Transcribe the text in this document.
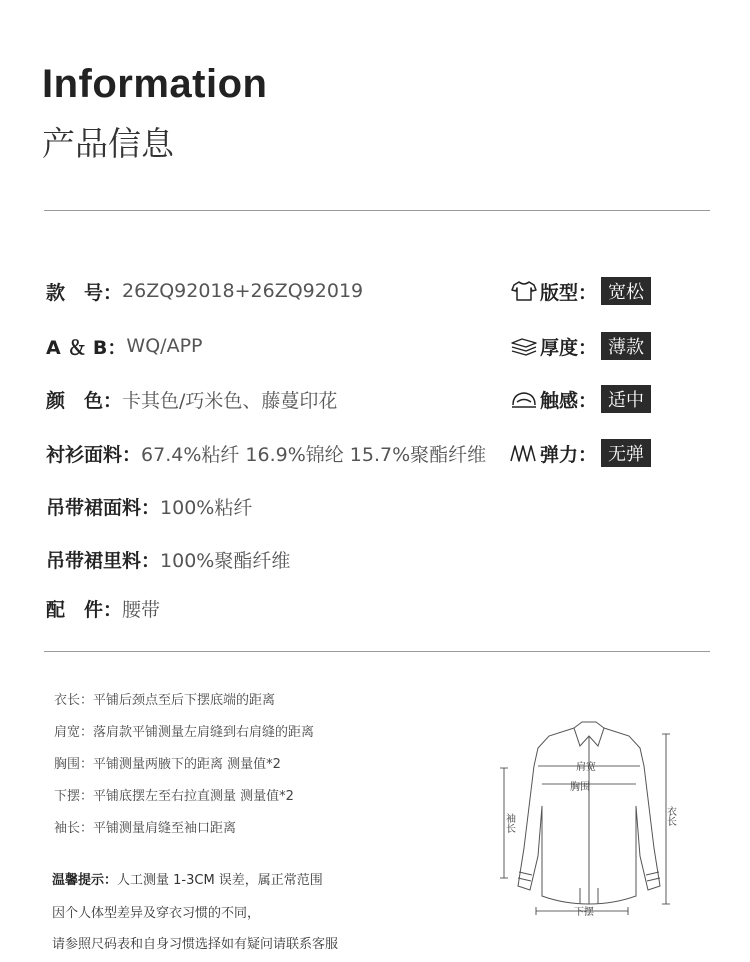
Information
产品信息
款　号： 26ZQ92018+26ZQ92019
A ＆ B： WQ/APP
颜　色： 卡其色/巧米色、藤蔓印花
衬衫面料： 67.4%粘纤 16.9%锦纶 15.7%聚酯纤维
吊带裙面料： 100%粘纤
吊带裙里料： 100%聚酯纤维
配　件： 腰带
版型： 宽松
厚度： 薄款
触感： 适中
弹力： 无弹
衣长：平铺后颈点至后下摆底端的距离
肩宽：落肩款平铺测量左肩缝到右肩缝的距离
胸围：平铺测量两腋下的距离 测量值*2
下摆：平铺底摆左至右拉直测量 测量值*2
袖长：平铺测量肩缝至袖口距离
温馨提示：人工测量 1-3CM 误差，属正常范围
因个人体型差异及穿衣习惯的不同，
请参照尺码表和自身习惯选择如有疑问请联系客服
肩宽
胸围
袖长	衣长
下摆
